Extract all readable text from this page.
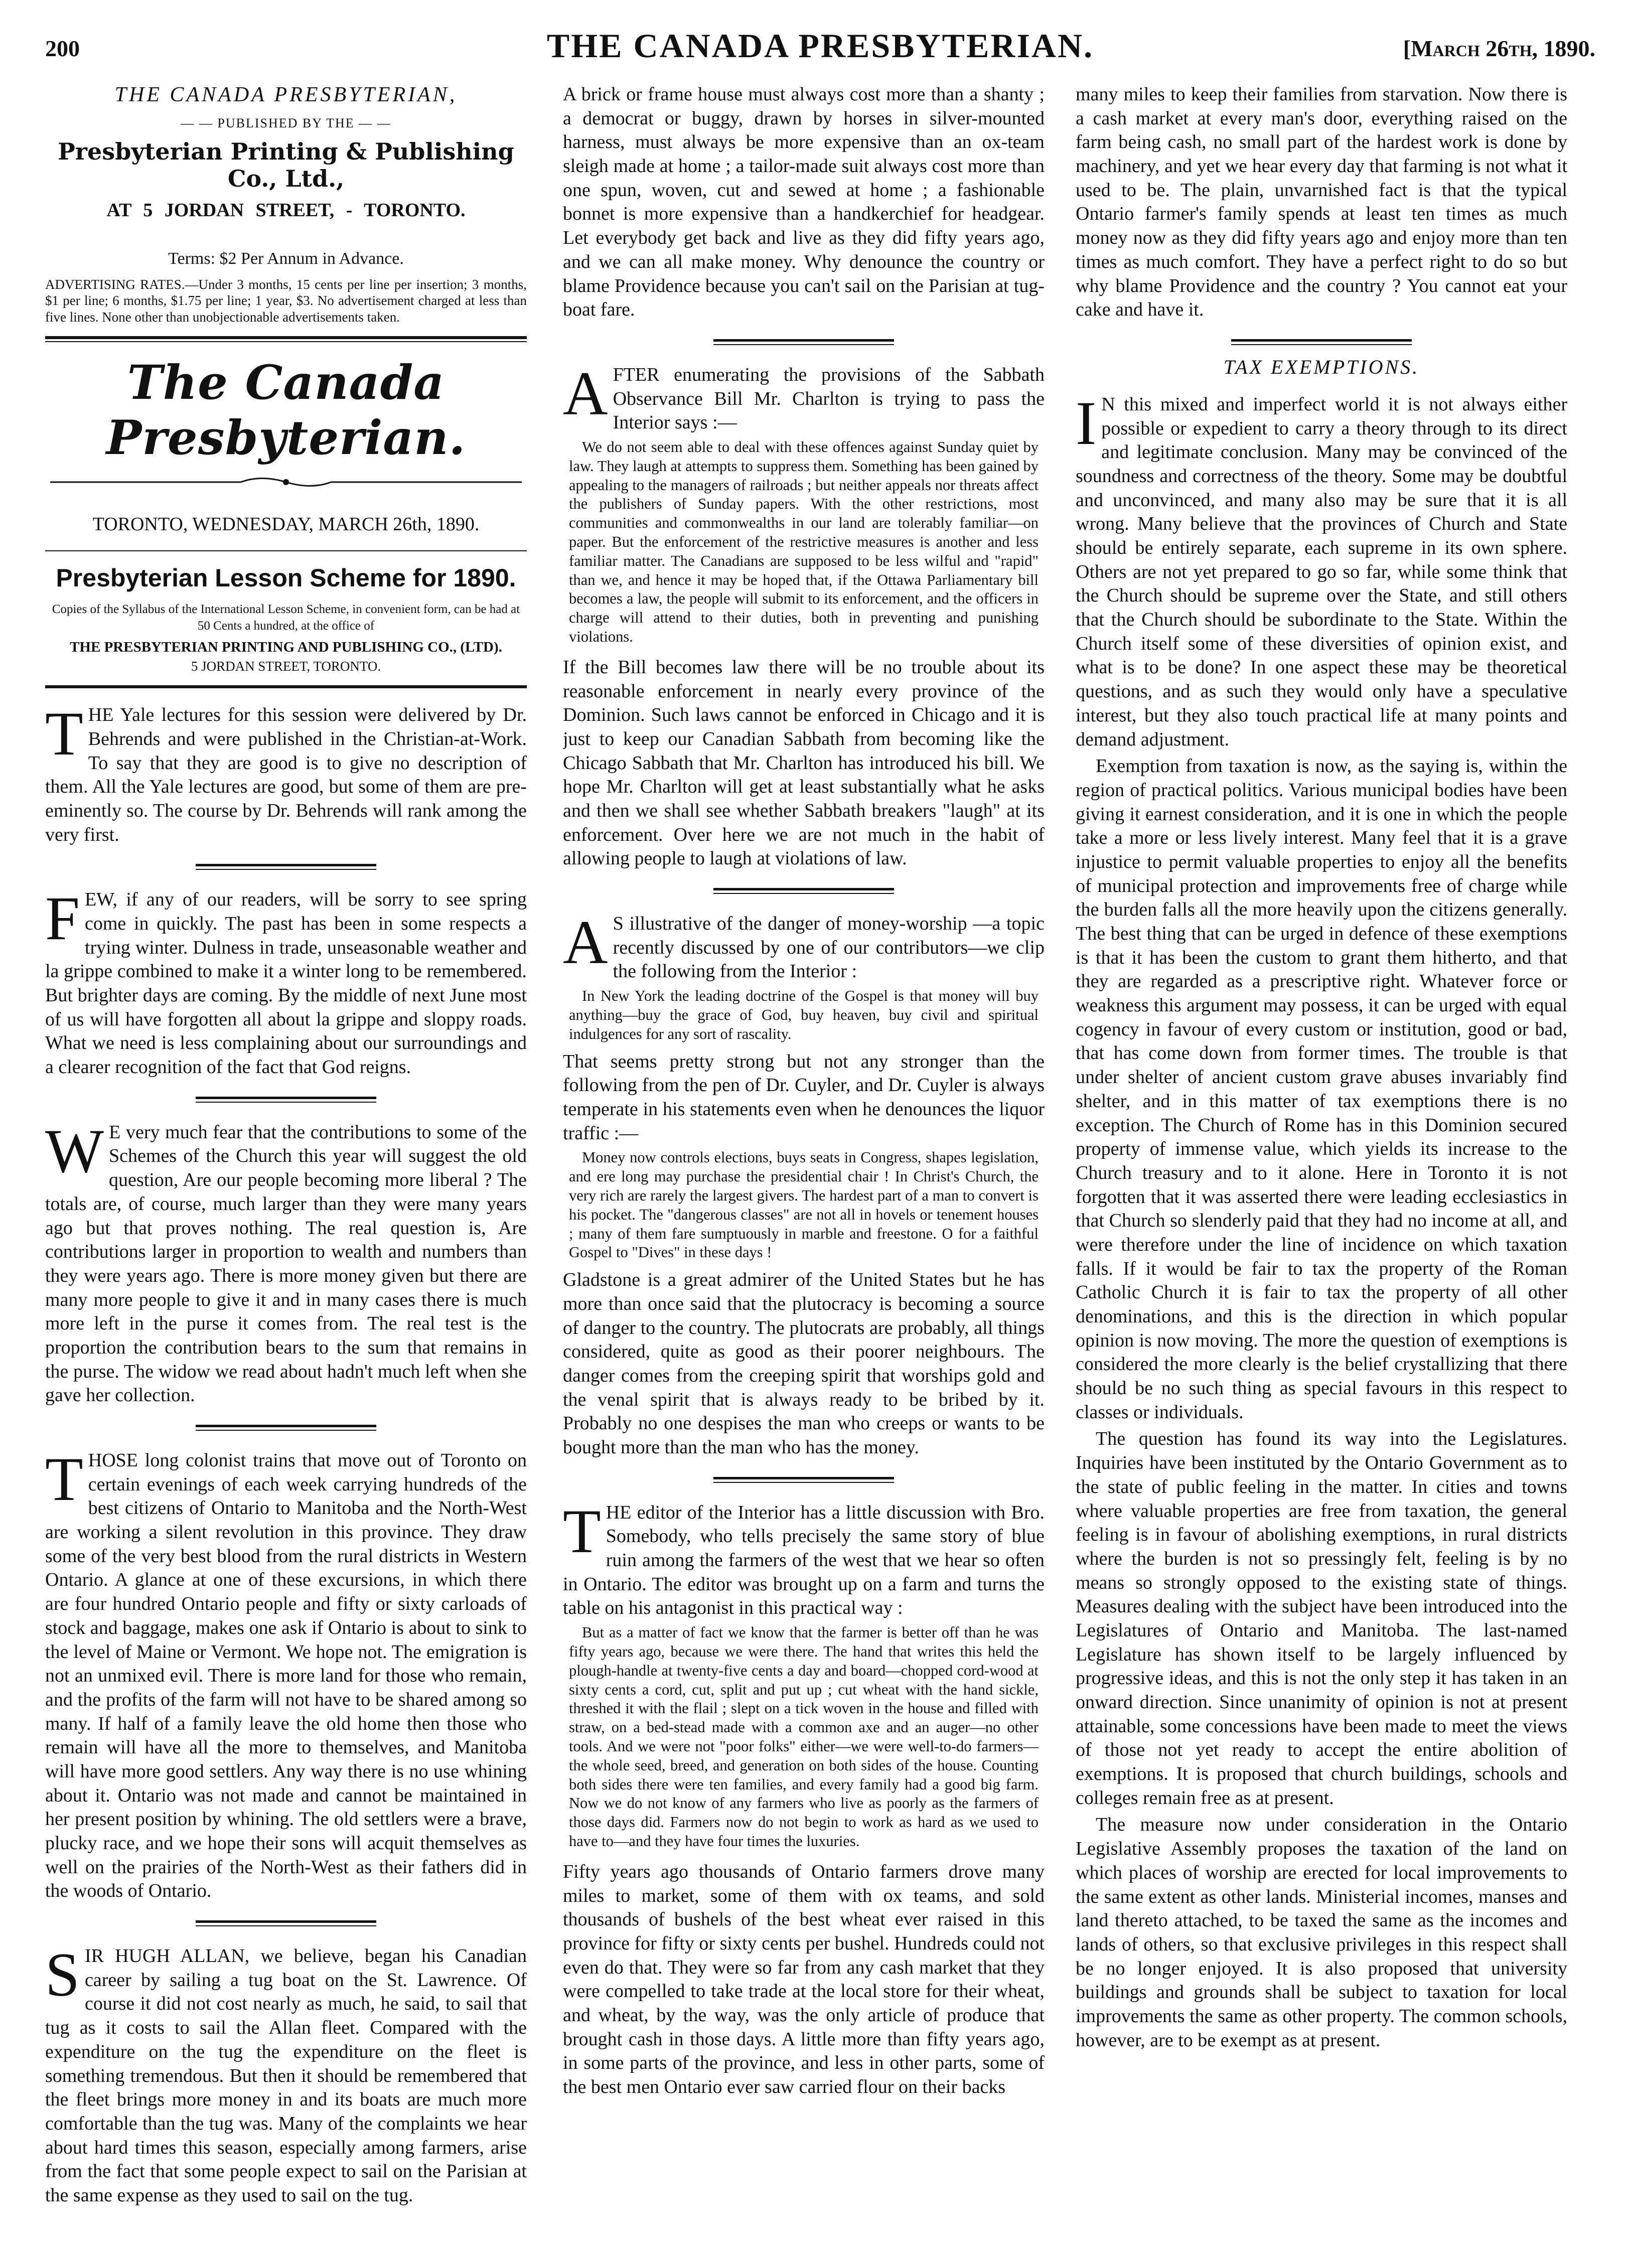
200	THE CANADA PRESBYTERIAN.	[March 26th, 1890.
THE CANADA PRESBYTERIAN,
— — PUBLISHED BY THE — —
Presbyterian Printing & Publishing Co., Ltd.,
AT 5 JORDAN STREET, - TORONTO.
Terms: $2 Per Annum in Advance.
ADVERTISING RATES.—Under 3 months, 15 cents per line per insertion; 3 months, $1 per line; 6 months, $1.75 per line; 1 year, $3. No advertisement charged at less than five lines. None other than unobjectionable advertisements taken.
The Canada Presbyterian.
TORONTO, WEDNESDAY, MARCH 26th, 1890.
Presbyterian Lesson Scheme for 1890.
Copies of the Syllabus of the International Lesson Scheme, in convenient form, can be had at 50 Cents a hundred, at the office of
THE PRESBYTERIAN PRINTING AND PUBLISHING CO., (LTD).
5 JORDAN STREET, TORONTO.
T HE Yale lectures for this session were delivered by Dr. Behrends and were published in the Christian-at-Work. To say that they are good is to give no description of them. All the Yale lectures are good, but some of them are pre-eminently so. The course by Dr. Behrends will rank among the very first.
F EW, if any of our readers, will be sorry to see spring come in quickly. The past has been in some respects a trying winter. Dulness in trade, unseasonable weather and la grippe combined to make it a winter long to be remembered. But brighter days are coming. By the middle of next June most of us will have forgotten all about la grippe and sloppy roads. What we need is less complaining about our surroundings and a clearer recognition of the fact that God reigns.
W E very much fear that the contributions to some of the Schemes of the Church this year will suggest the old question, Are our people becoming more liberal ? The totals are, of course, much larger than they were many years ago but that proves nothing. The real question is, Are contributions larger in proportion to wealth and numbers than they were years ago. There is more money given but there are many more people to give it and in many cases there is much more left in the purse it comes from. The real test is the proportion the contribution bears to the sum that remains in the purse. The widow we read about hadn't much left when she gave her collection.
T HOSE long colonist trains that move out of Toronto on certain evenings of each week carrying hundreds of the best citizens of Ontario to Manitoba and the North-West are working a silent revolution in this province. They draw some of the very best blood from the rural districts in Western Ontario. A glance at one of these excursions, in which there are four hundred Ontario people and fifty or sixty carloads of stock and baggage, makes one ask if Ontario is about to sink to the level of Maine or Vermont. We hope not. The emigration is not an unmixed evil. There is more land for those who remain, and the profits of the farm will not have to be shared among so many. If half of a family leave the old home then those who remain will have all the more to themselves, and Manitoba will have more good settlers. Any way there is no use whining about it. Ontario was not made and cannot be maintained in her present position by whining. The old settlers were a brave, plucky race, and we hope their sons will acquit themselves as well on the prairies of the North-West as their fathers did in the woods of Ontario.
S IR HUGH ALLAN, we believe, began his Canadian career by sailing a tug boat on the St. Lawrence. Of course it did not cost nearly as much, he said, to sail that tug as it costs to sail the Allan fleet. Compared with the expenditure on the tug the expenditure on the fleet is something tremendous. But then it should be remembered that the fleet brings more money in and its boats are much more comfortable than the tug was. Many of the complaints we hear about hard times this season, especially among farmers, arise from the fact that some people expect to sail on the Parisian at the same expense as they used to sail on the tug.
A brick or frame house must always cost more than a shanty ; a democrat or buggy, drawn by horses in silver-mounted harness, must always be more expensive than an ox-team sleigh made at home ; a tailor-made suit always cost more than one spun, woven, cut and sewed at home ; a fashionable bonnet is more expensive than a handkerchief for headgear. Let everybody get back and live as they did fifty years ago, and we can all make money. Why denounce the country or blame Providence because you can't sail on the Parisian at tug-boat fare.
A FTER enumerating the provisions of the Sabbath Observance Bill Mr. Charlton is trying to pass the Interior says :—
We do not seem able to deal with these offences against Sunday quiet by law. They laugh at attempts to suppress them. Something has been gained by appealing to the managers of railroads ; but neither appeals nor threats affect the publishers of Sunday papers. With the other restrictions, most communities and commonwealths in our land are tolerably familiar—on paper. But the enforcement of the restrictive measures is another and less familiar matter. The Canadians are supposed to be less wilful and "rapid" than we, and hence it may be hoped that, if the Ottawa Parliamentary bill becomes a law, the people will submit to its enforcement, and the officers in charge will attend to their duties, both in preventing and punishing violations.
If the Bill becomes law there will be no trouble about its reasonable enforcement in nearly every province of the Dominion. Such laws cannot be enforced in Chicago and it is just to keep our Canadian Sabbath from becoming like the Chicago Sabbath that Mr. Charlton has introduced his bill. We hope Mr. Charlton will get at least substantially what he asks and then we shall see whether Sabbath breakers "laugh" at its enforcement. Over here we are not much in the habit of allowing people to laugh at violations of law.
A S illustrative of the danger of money-worship —a topic recently discussed by one of our contributors—we clip the following from the Interior :
In New York the leading doctrine of the Gospel is that money will buy anything—buy the grace of God, buy heaven, buy civil and spiritual indulgences for any sort of rascality.
That seems pretty strong but not any stronger than the following from the pen of Dr. Cuyler, and Dr. Cuyler is always temperate in his statements even when he denounces the liquor traffic :—
Money now controls elections, buys seats in Congress, shapes legislation, and ere long may purchase the presidential chair ! In Christ's Church, the very rich are rarely the largest givers. The hardest part of a man to convert is his pocket. The "dangerous classes" are not all in hovels or tenement houses ; many of them fare sumptuously in marble and freestone. O for a faithful Gospel to "Dives" in these days !
Gladstone is a great admirer of the United States but he has more than once said that the plutocracy is becoming a source of danger to the country. The plutocrats are probably, all things considered, quite as good as their poorer neighbours. The danger comes from the creeping spirit that worships gold and the venal spirit that is always ready to be bribed by it. Probably no one despises the man who creeps or wants to be bought more than the man who has the money.
T HE editor of the Interior has a little discussion with Bro. Somebody, who tells precisely the same story of blue ruin among the farmers of the west that we hear so often in Ontario. The editor was brought up on a farm and turns the table on his antagonist in this practical way :
But as a matter of fact we know that the farmer is better off than he was fifty years ago, because we were there. The hand that writes this held the plough-handle at twenty-five cents a day and board—chopped cord-wood at sixty cents a cord, cut, split and put up ; cut wheat with the hand sickle, threshed it with the flail ; slept on a tick woven in the house and filled with straw, on a bed-stead made with a common axe and an auger—no other tools. And we were not "poor folks" either—we were well-to-do farmers—the whole seed, breed, and generation on both sides of the house. Counting both sides there were ten families, and every family had a good big farm. Now we do not know of any farmers who live as poorly as the farmers of those days did. Farmers now do not begin to work as hard as we used to have to—and they have four times the luxuries.
Fifty years ago thousands of Ontario farmers drove many miles to market, some of them with ox teams, and sold thousands of bushels of the best wheat ever raised in this province for fifty or sixty cents per bushel. Hundreds could not even do that. They were so far from any cash market that they were compelled to take trade at the local store for their wheat, and wheat, by the way, was the only article of produce that brought cash in those days. A little more than fifty years ago, in some parts of the province, and less in other parts, some of the best men Ontario ever saw carried flour on their backs
many miles to keep their families from starvation. Now there is a cash market at every man's door, everything raised on the farm being cash, no small part of the hardest work is done by machinery, and yet we hear every day that farming is not what it used to be. The plain, unvarnished fact is that the typical Ontario farmer's family spends at least ten times as much money now as they did fifty years ago and enjoy more than ten times as much comfort. They have a perfect right to do so but why blame Providence and the country ? You cannot eat your cake and have it.
TAX EXEMPTIONS.
I N this mixed and imperfect world it is not always either possible or expedient to carry a theory through to its direct and legitimate conclusion. Many may be convinced of the soundness and correctness of the theory. Some may be doubtful and unconvinced, and many also may be sure that it is all wrong. Many believe that the provinces of Church and State should be entirely separate, each supreme in its own sphere. Others are not yet prepared to go so far, while some think that the Church should be supreme over the State, and still others that the Church should be subordinate to the State. Within the Church itself some of these diversities of opinion exist, and what is to be done? In one aspect these may be theoretical questions, and as such they would only have a speculative interest, but they also touch practical life at many points and demand adjustment.
Exemption from taxation is now, as the saying is, within the region of practical politics. Various municipal bodies have been giving it earnest consideration, and it is one in which the people take a more or less lively interest. Many feel that it is a grave injustice to permit valuable properties to enjoy all the benefits of municipal protection and improvements free of charge while the burden falls all the more heavily upon the citizens generally. The best thing that can be urged in defence of these exemptions is that it has been the custom to grant them hitherto, and that they are regarded as a prescriptive right. Whatever force or weakness this argument may possess, it can be urged with equal cogency in favour of every custom or institution, good or bad, that has come down from former times. The trouble is that under shelter of ancient custom grave abuses invariably find shelter, and in this matter of tax exemptions there is no exception. The Church of Rome has in this Dominion secured property of immense value, which yields its increase to the Church treasury and to it alone. Here in Toronto it is not forgotten that it was asserted there were leading ecclesiastics in that Church so slenderly paid that they had no income at all, and were therefore under the line of incidence on which taxation falls. If it would be fair to tax the property of the Roman Catholic Church it is fair to tax the property of all other denominations, and this is the direction in which popular opinion is now moving. The more the question of exemptions is considered the more clearly is the belief crystallizing that there should be no such thing as special favours in this respect to classes or individuals.
The question has found its way into the Legislatures. Inquiries have been instituted by the Ontario Government as to the state of public feeling in the matter. In cities and towns where valuable properties are free from taxation, the general feeling is in favour of abolishing exemptions, in rural districts where the burden is not so pressingly felt, feeling is by no means so strongly opposed to the existing state of things. Measures dealing with the subject have been introduced into the Legislatures of Ontario and Manitoba. The last-named Legislature has shown itself to be largely influenced by progressive ideas, and this is not the only step it has taken in an onward direction. Since unanimity of opinion is not at present attainable, some concessions have been made to meet the views of those not yet ready to accept the entire abolition of exemptions. It is proposed that church buildings, schools and colleges remain free as at present.
The measure now under consideration in the Ontario Legislative Assembly proposes the taxation of the land on which places of worship are erected for local improvements to the same extent as other lands. Ministerial incomes, manses and land thereto attached, to be taxed the same as the incomes and lands of others, so that exclusive privileges in this respect shall be no longer enjoyed. It is also proposed that university buildings and grounds shall be subject to taxation for local improvements the same as other property. The common schools, however, are to be exempt as at present.
